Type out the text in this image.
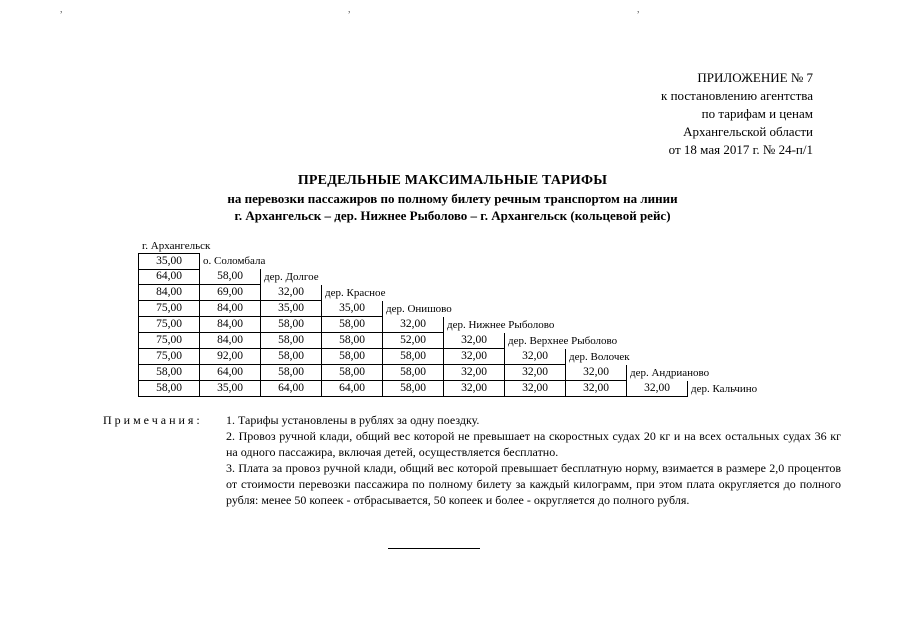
,	,	,
ПРИЛОЖЕНИЕ № 7
к постановлению агентства
по тарифам и ценам
Архангельской области
от 18 мая 2017 г. № 24-п/1
ПРЕДЕЛЬНЫЕ МАКСИМАЛЬНЫЕ ТАРИФЫ
на перевозки пассажиров по полному билету речным транспортом на линии
г. Архангельск – дер. Нижнее Рыболово – г. Архангельск (кольцевой рейс)
г. Архангельск
35,00	о. Соломбала
64,00	58,00	дер. Долгое
84,00	69,00	32,00	дер. Красное
75,00	84,00	35,00	35,00	дер. Онишово
75,00	84,00	58,00	58,00	32,00	дер. Нижнее Рыболово
75,00	84,00	58,00	58,00	52,00	32,00	дер. Верхнее Рыболово
75,00	92,00	58,00	58,00	58,00	32,00	32,00	дер. Волочек
58,00	64,00	58,00	58,00	58,00	32,00	32,00	32,00	дер. Андрианово
58,00	35,00	64,00	64,00	58,00	32,00	32,00	32,00	32,00	дер. Кальчино
Примечания: 1. Тарифы установлены в рублях за одну поездку.

2. Провоз ручной клади, общий вес которой не превышает на скоростных судах 20 кг и на всех остальных судах 36 кг на одного пассажира, включая детей, осуществляется бесплатно.

3. Плата за провоз ручной клади, общий вес которой превышает бесплатную норму, взимается в размере 2,0 процентов от стоимости перевозки пассажира по полному билету за каждый килограмм, при этом плата округляется до полного рубля: менее 50 копеек - отбрасывается, 50 копеек и более - округляется до полного рубля.
